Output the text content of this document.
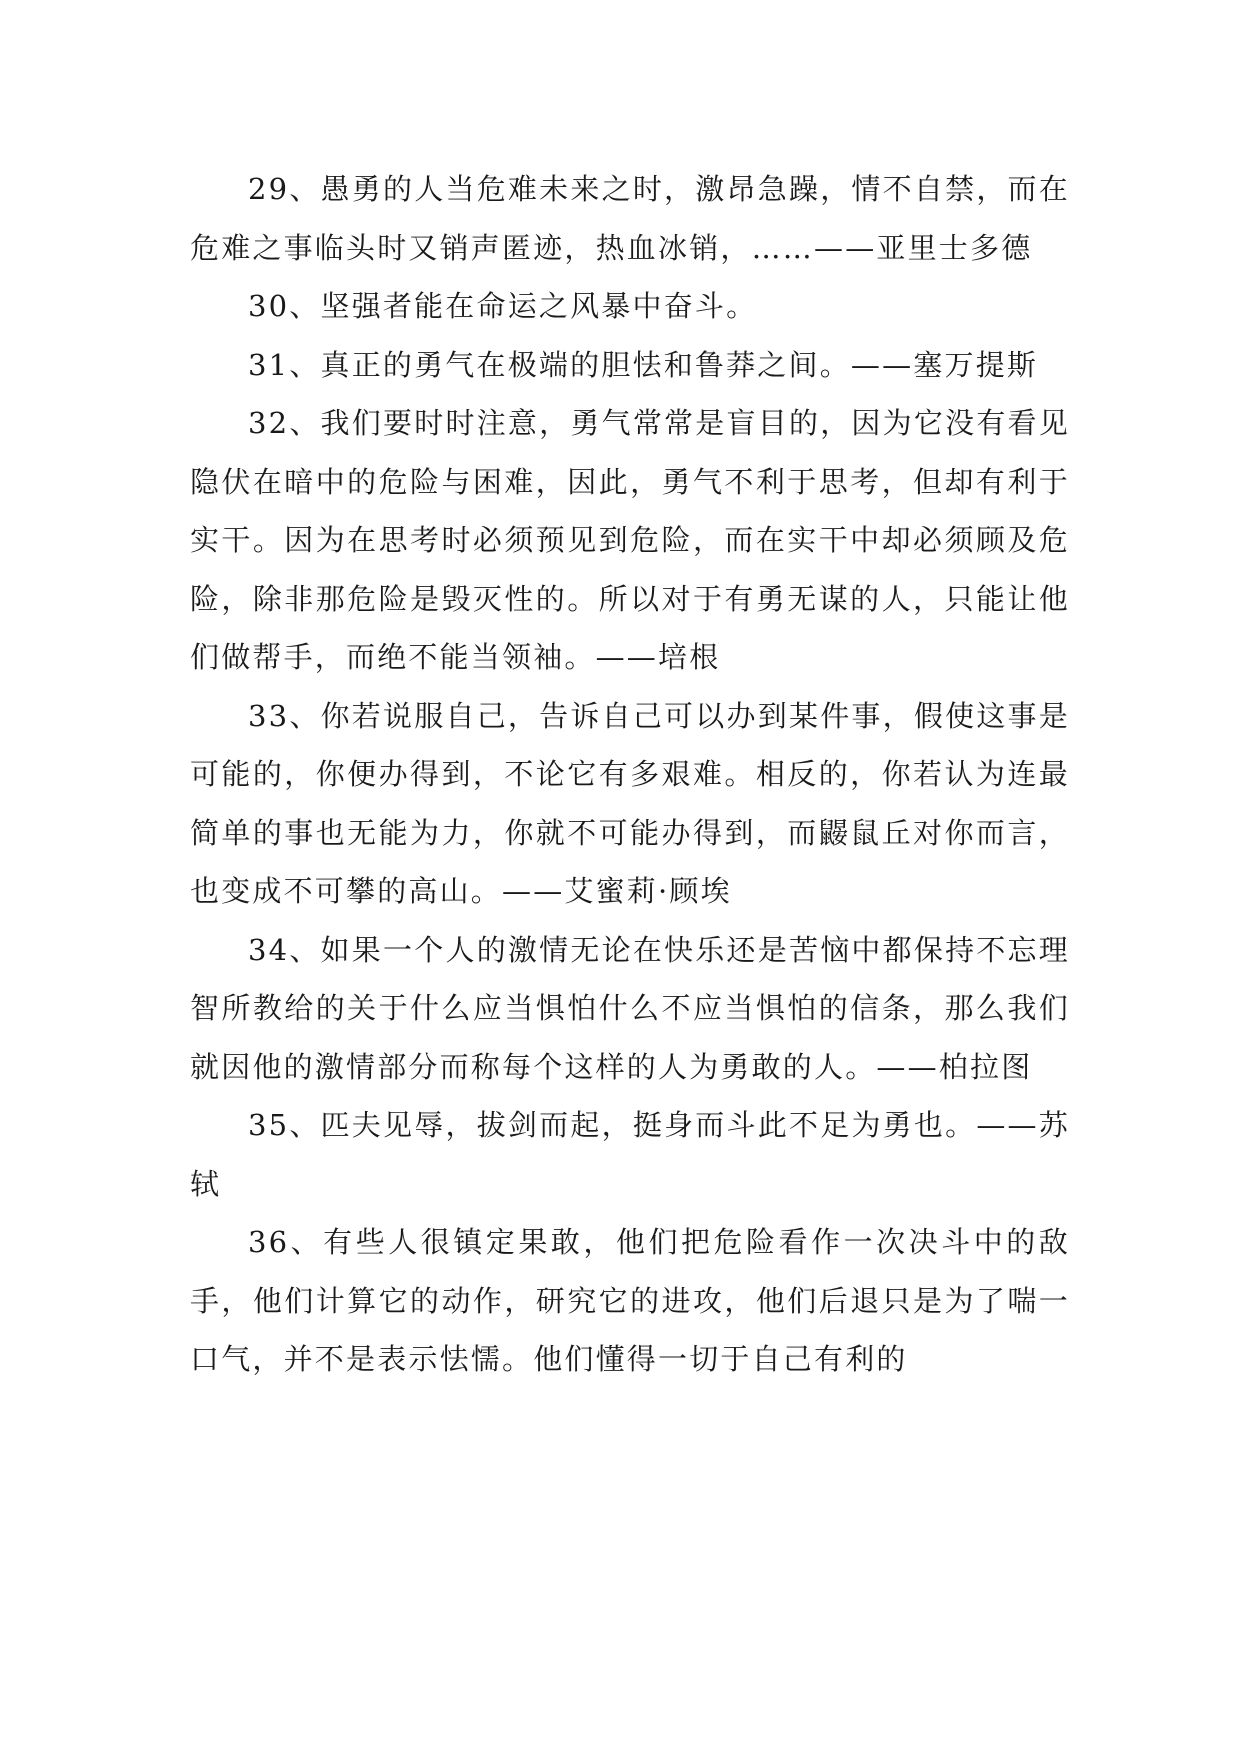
29、愚勇的人当危难未来之时，激昂急躁，情不自禁，而在危难之事临头时又销声匿迹，热血冰销，……——亚里士多德

30、坚强者能在命运之风暴中奋斗。

31、真正的勇气在极端的胆怯和鲁莽之间。——塞万提斯

32、我们要时时注意，勇气常常是盲目的，因为它没有看见隐伏在暗中的危险与困难，因此，勇气不利于思考，但却有利于实干。因为在思考时必须预见到危险，而在实干中却必须顾及危险，除非那危险是毁灭性的。所以对于有勇无谋的人，只能让他们做帮手，而绝不能当领袖。——培根

33、你若说服自己，告诉自己可以办到某件事，假使这事是可能的，你便办得到，不论它有多艰难。相反的，你若认为连最简单的事也无能为力，你就不可能办得到，而鼹鼠丘对你而言，也变成不可攀的高山。——艾蜜莉·顾埃

34、如果一个人的激情无论在快乐还是苦恼中都保持不忘理智所教给的关于什么应当惧怕什么不应当惧怕的信条，那么我们就因他的激情部分而称每个这样的人为勇敢的人。——柏拉图

35、匹夫见辱，拔剑而起，挺身而斗此不足为勇也。——苏轼

36、有些人很镇定果敢，他们把危险看作一次决斗中的敌手，他们计算它的动作，研究它的进攻，他们后退只是为了喘一口气，并不是表示怯懦。他们懂得一切于自己有利的
